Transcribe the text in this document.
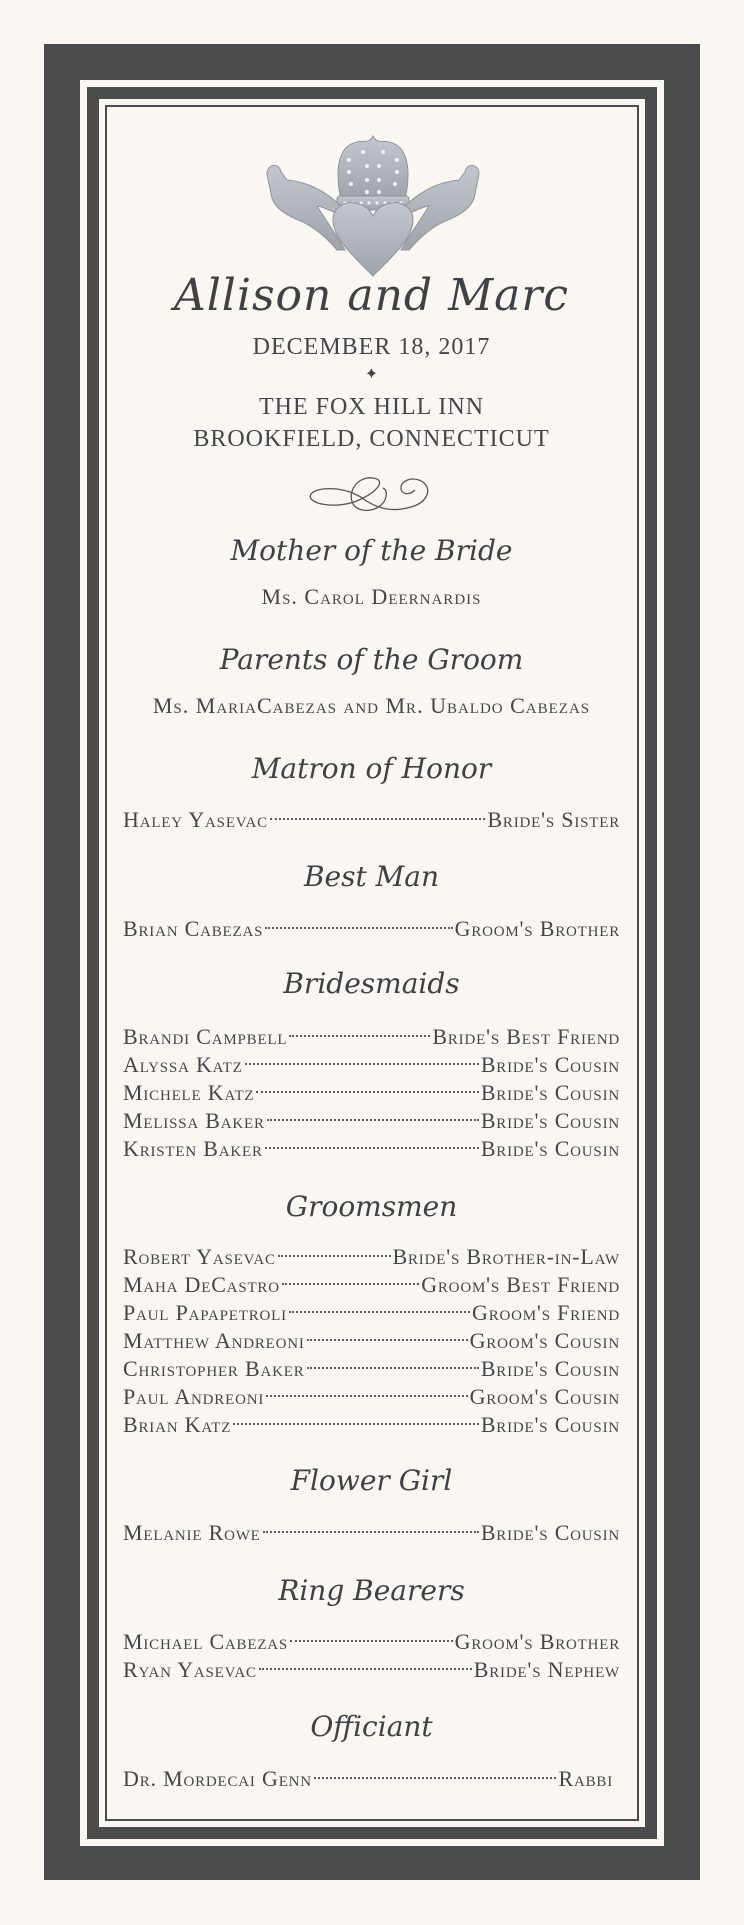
Allison and Marc
DECEMBER 18, 2017
✦
THE FOX HILL INN
BROOKFIELD, CONNECTICUT
Mother of the Bride
Ms. Carol Deernardis
Parents of the Groom
Ms. MariaCabezas and Mr. Ubaldo Cabezas
Matron of Honor
Haley Yasevac	Bride's Sister
Best Man
Brian Cabezas	Groom's Brother
Bridesmaids
Brandi Campbell	Bride's Best Friend
Alyssa Katz	Bride's Cousin
Michele Katz	Bride's Cousin
Melissa Baker	Bride's Cousin
Kristen Baker	Bride's Cousin
Groomsmen
Robert Yasevac	Bride's Brother-in-Law
Maha DeCastro	Groom's Best Friend
Paul Papapetroli	Groom's Friend
Matthew Andreoni	Groom's Cousin
Christopher Baker	Bride's Cousin
Paul Andreoni	Groom's Cousin
Brian Katz	Bride's Cousin
Flower Girl
Melanie Rowe	Bride's Cousin
Ring Bearers
Michael Cabezas	Groom's Brother
Ryan Yasevac	Bride's Nephew
Officiant
Dr. Mordecai Genn	Rabbi
